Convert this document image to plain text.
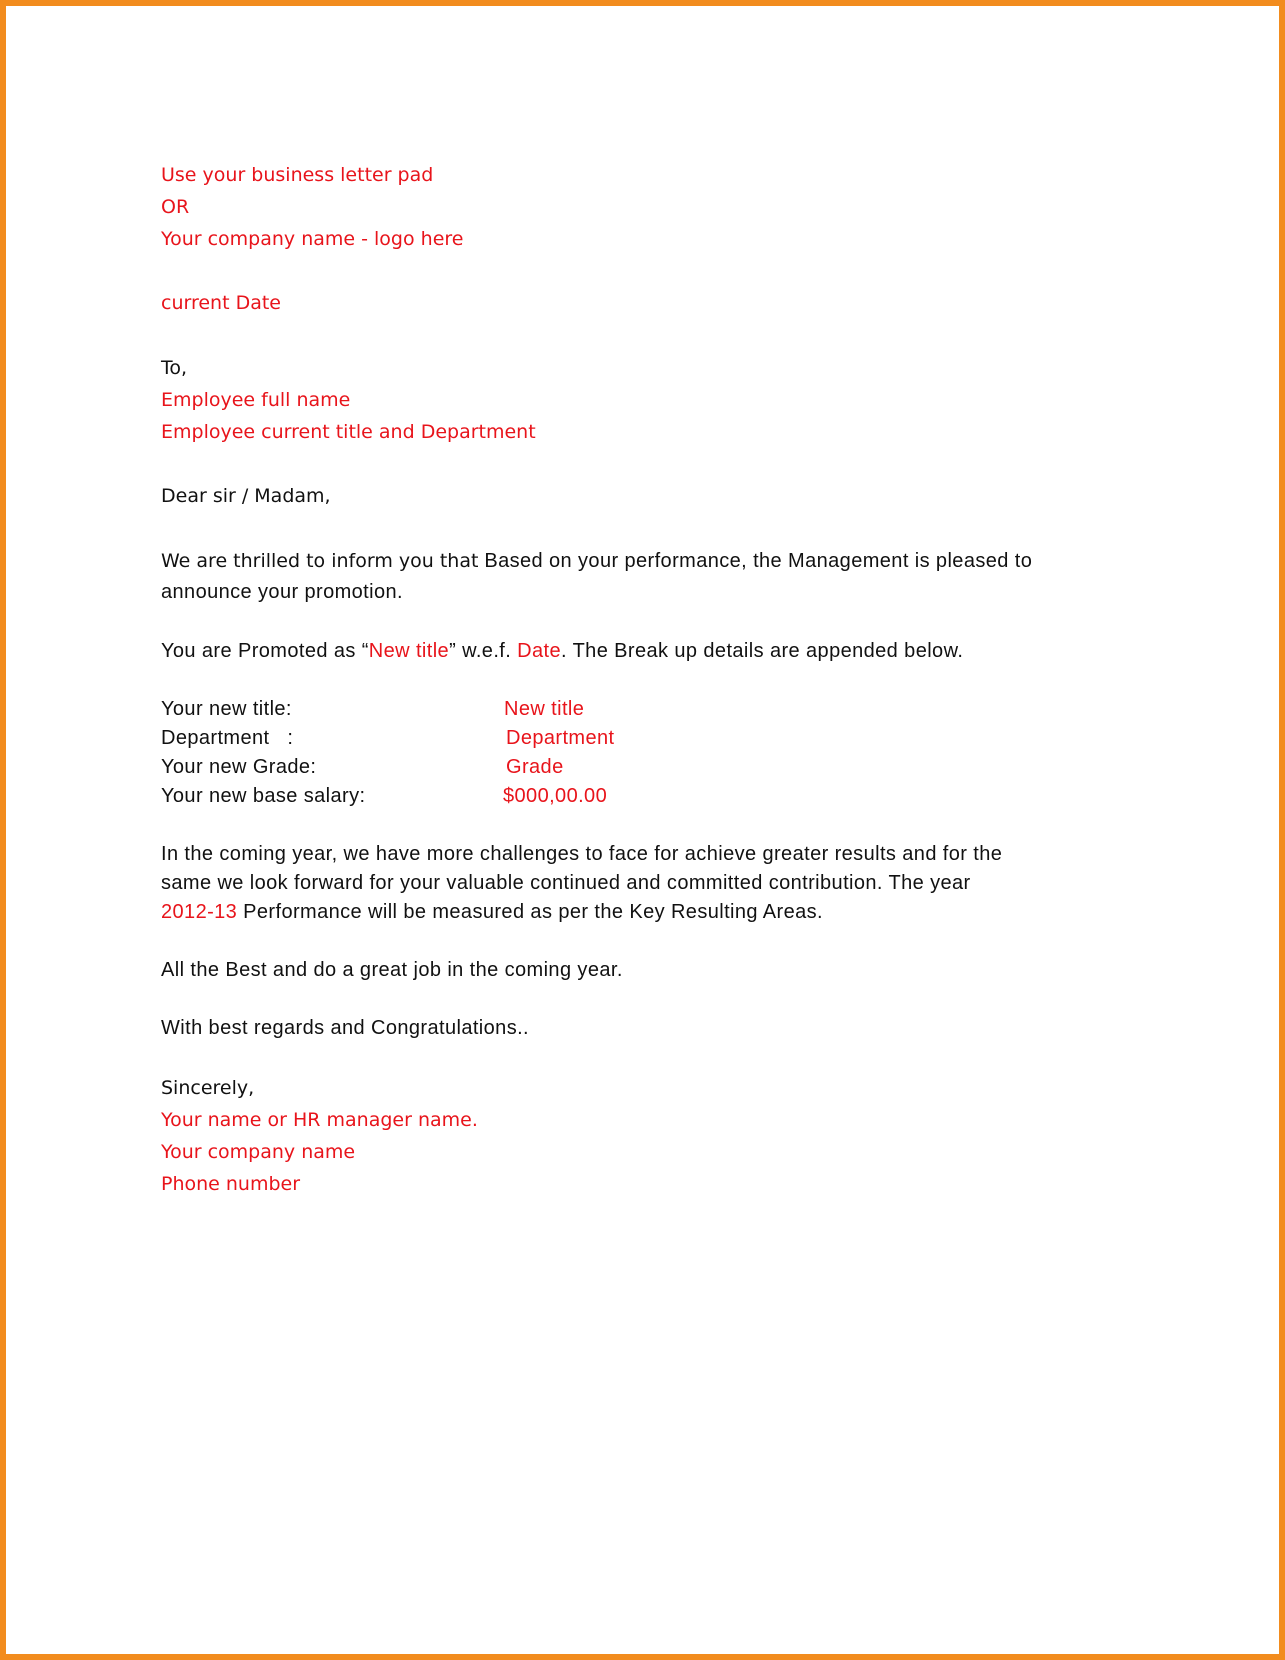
Use your business letter pad
OR
Your company name - logo here
current Date
To,
Employee full name
Employee current title and Department
Dear sir / Madam,
We are thrilled to inform you that Based on your performance, the Management is pleased to
announce your promotion.
You are Promoted as “New title” w.e.f. Date. The Break up details are appended below.
Your new title:	New title
Department   :	Department
Your new Grade:	Grade
Your new base salary:	$000,00.00
In the coming year, we have more challenges to face for achieve greater results and for the
same we look forward for your valuable continued and committed contribution. The year
2012-13 Performance will be measured as per the Key Resulting Areas.
All the Best and do a great job in the coming year.
With best regards and Congratulations..
Sincerely,
Your name or HR manager name.
Your company name
Phone number
